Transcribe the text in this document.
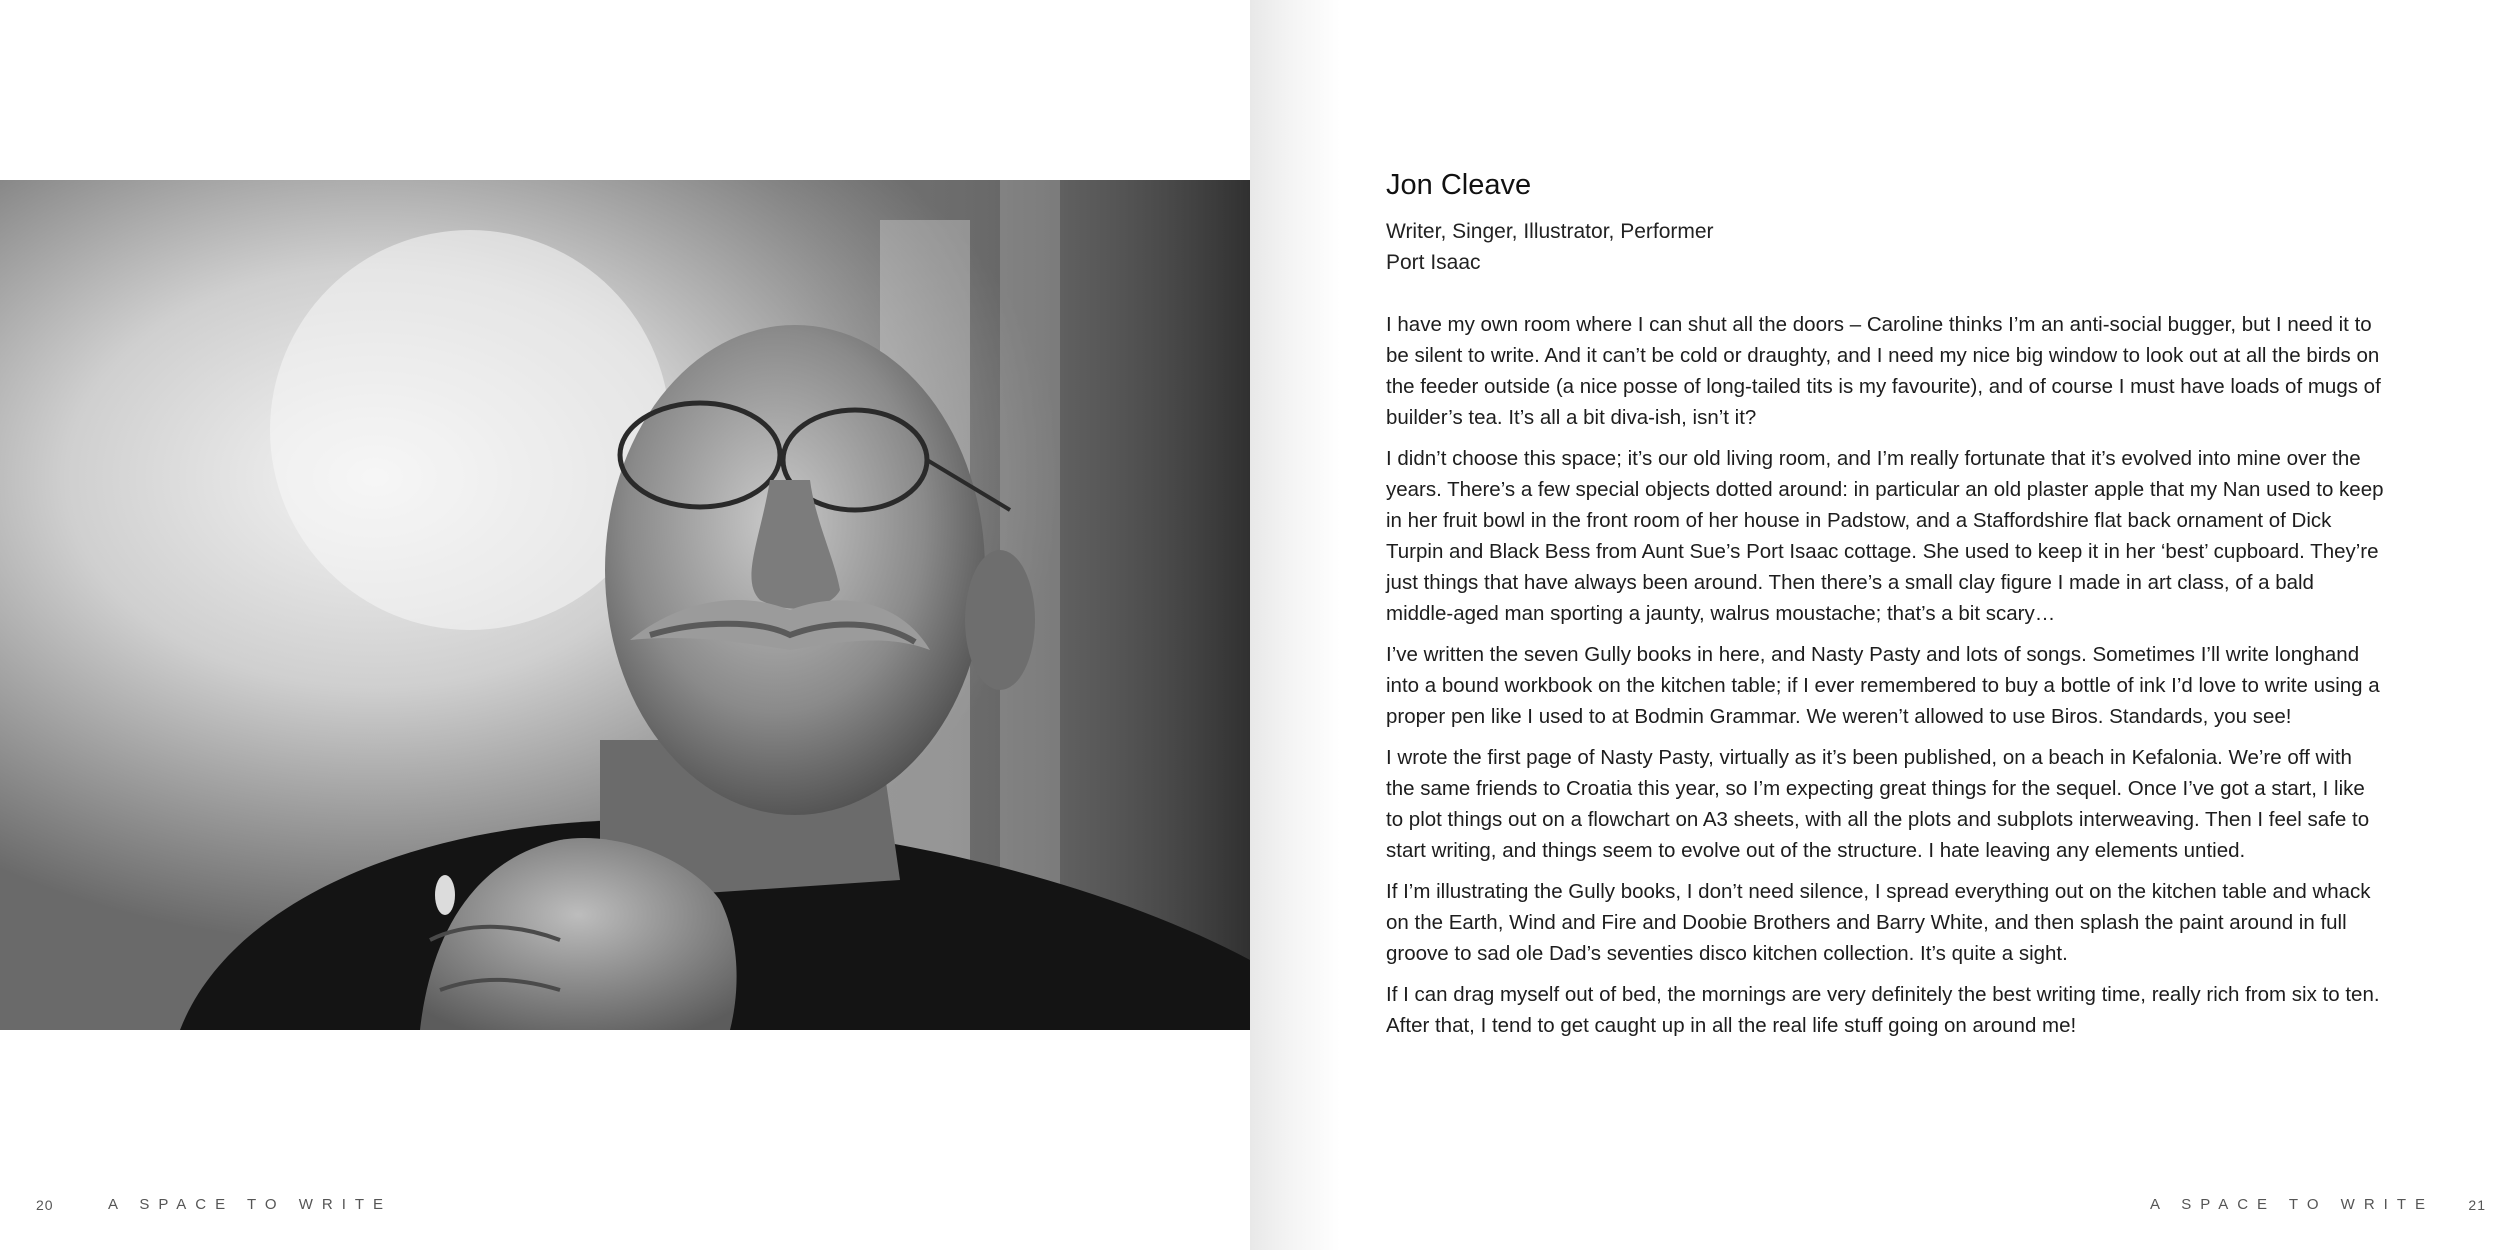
20	A SPACE TO WRITE
Jon Cleave

Writer, Singer, Illustrator, Performer

Port Isaac

I have my own room where I can shut all the doors – Caroline thinks I’m an anti-social bugger, but I need it to be silent to write. And it can’t be cold or draughty, and I need my nice big window to look out at all the birds on the feeder outside (a nice posse of long-tailed tits is my favourite), and of course I must have loads of mugs of builder’s tea. It’s all a bit diva-ish, isn’t it?

I didn’t choose this space; it’s our old living room, and I’m really fortunate that it’s evolved into mine over the years. There’s a few special objects dotted around: in particular an old plaster apple that my Nan used to keep in her fruit bowl in the front room of her house in Padstow, and a Staffordshire flat back ornament of Dick Turpin and Black Bess from Aunt Sue’s Port Isaac cottage. She used to keep it in her ‘best’ cupboard. They’re just things that have always been around. Then there’s a small clay figure I made in art class, of a bald middle-aged man sporting a jaunty, walrus moustache; that’s a bit scary…

I’ve written the seven Gully books in here, and Nasty Pasty and lots of songs. Sometimes I’ll write longhand into a bound workbook on the kitchen table; if I ever remembered to buy a bottle of ink I’d love to write using a proper pen like I used to at Bodmin Grammar. We weren’t allowed to use Biros. Standards, you see!

I wrote the first page of Nasty Pasty, virtually as it’s been published, on a beach in Kefalonia. We’re off with the same friends to Croatia this year, so I’m expecting great things for the sequel. Once I’ve got a start, I like to plot things out on a flowchart on A3 sheets, with all the plots and subplots interweaving. Then I feel safe to start writing, and things seem to evolve out of the structure. I hate leaving any elements untied.

If I’m illustrating the Gully books, I don’t need silence, I spread everything out on the kitchen table and whack on the Earth, Wind and Fire and Doobie Brothers and Barry White, and then splash the paint around in full groove to sad ole Dad’s seventies disco kitchen collection. It’s quite a sight.

If I can drag myself out of bed, the mornings are very definitely the best writing time, really rich from six to ten. After that, I tend to get caught up in all the real life stuff going on around me!

A SPACE TO WRITE 21
